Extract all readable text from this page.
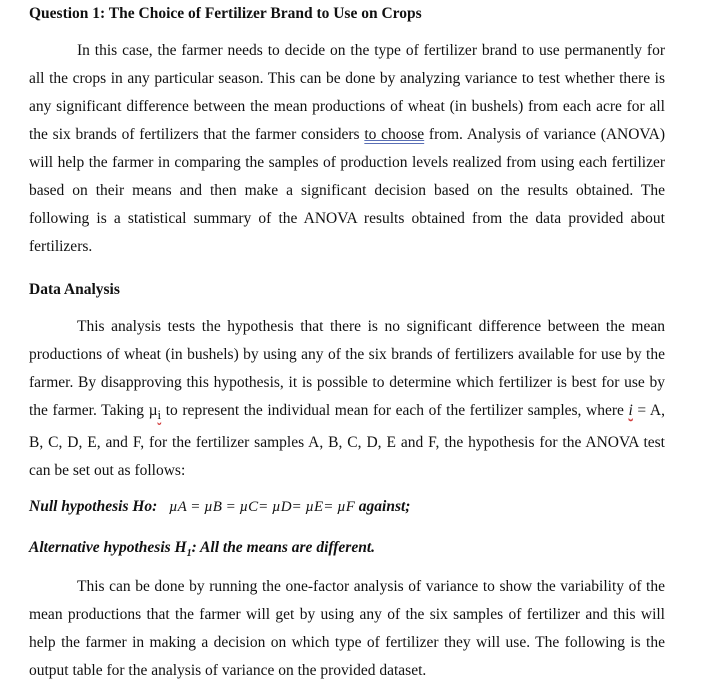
Question 1: The Choice of Fertilizer Brand to Use on Crops

In this case, the farmer needs to decide on the type of fertilizer brand to use permanently for all the crops in any particular season. This can be done by analyzing variance to test whether there is any significant difference between the mean productions of wheat (in bushels) from each acre for all the six brands of fertilizers that the farmer considers to choose from. Analysis of variance (ANOVA) will help the farmer in comparing the samples of production levels realized from using each fertilizer based on their means and then make a significant decision based on the results obtained. The following is a statistical summary of the ANOVA results obtained from the data provided about fertilizers.

Data Analysis

This analysis tests the hypothesis that there is no significant difference between the mean productions of wheat (in bushels) by using any of the six brands of fertilizers available for use by the farmer. By disapproving this hypothesis, it is possible to determine which fertilizer is best for use by the farmer. Taking µ$_i$ to represent the individual mean for each of the fertilizer samples, where i = A, B, C, D, E, and F, for the fertilizer samples A, B, C, D, E and F, the hypothesis for the ANOVA test can be set out as follows:

Null hypothesis Ho: µA = µB = µC= µD= µE= µF against;

Alternative hypothesis $H_1$: All the means are different.

This can be done by running the one-factor analysis of variance to show the variability of the mean productions that the farmer will get by using any of the six samples of fertilizer and this will help the farmer in making a decision on which type of fertilizer they will use. The following is the output table for the analysis of variance on the provided dataset.
